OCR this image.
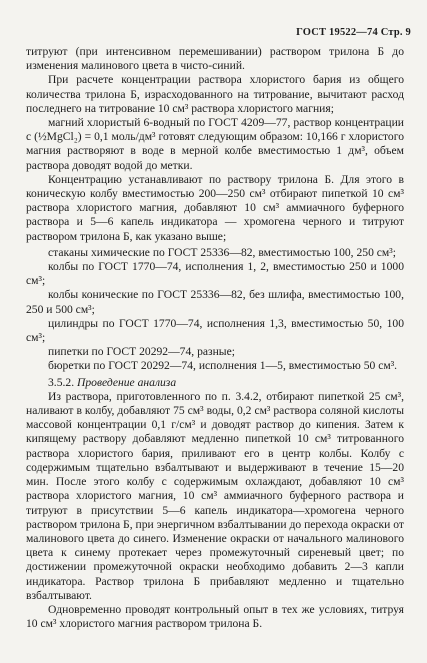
ГОСТ 19522—74 Стр. 9

титруют (при интенсивном перемешивании) раствором трилона Б до изменения малинового цвета в чисто-синий.

При расчете концентрации раствора хлористого бария из общего количества трилона Б, израсходованного на титрование, вычитают расход последнего на титрование 10 см³ раствора хлористого магния;

магний хлористый 6-водный по ГОСТ 4209—77, раствор концентрации c (½MgCl₂) = 0,1 моль/дм³ готовят следующим образом: 10,166 г хлористого магния растворяют в воде в мерной колбе вместимостью 1 дм³, объем раствора доводят водой до метки.

Концентрацию устанавливают по раствору трилона Б. Для этого в коническую колбу вместимостью 200—250 см³ отбирают пипеткой 10 см³ раствора хлористого магния, добавляют 10 см³ аммиачного буферного раствора и 5—6 капель индикатора — хромогена черного и титруют раствором трилона Б, как указано выше;

стаканы химические по ГОСТ 25336—82, вместимостью 100, 250 см³;

колбы по ГОСТ 1770—74, исполнения 1, 2, вместимостью 250 и 1000 см³;

колбы конические по ГОСТ 25336—82, без шлифа, вместимостью 100, 250 и 500 см³;

цилиндры по ГОСТ 1770—74, исполнения 1,3, вместимостью 50, 100 см³;

пипетки по ГОСТ 20292—74, разные;

бюретки по ГОСТ 20292—74, исполнения 1—5, вместимостью 50 см³.

3.5.2. Проведение анализа

Из раствора, приготовленного по п. 3.4.2, отбирают пипеткой 25 см³, наливают в колбу, добавляют 75 см³ воды, 0,2 см³ раствора соляной кислоты массовой концентрации 0,1 г/см³ и доводят раствор до кипения. Затем к кипящему раствору добавляют медленно пипеткой 10 см³ титрованного раствора хлористого бария, приливают его в центр колбы. Колбу с содержимым тщательно взбалтывают и выдерживают в течение 15—20 мин. После этого колбу с содержимым охлаждают, добавляют 10 см³ раствора хлористого магния, 10 см³ аммиачного буферного раствора и титруют в присутствии 5—6 капель индикатора—хромогена черного раствором трилона Б, при энергичном взбалтывании до перехода окраски от малинового цвета до синего. Изменение окраски от начального малинового цвета к синему протекает через промежуточный сиреневый цвет; по достижении промежуточной окраски необходимо добавить 2—3 капли индикатора. Раствор трилона Б прибавляют медленно и тщательно взбалтывают.

Одновременно проводят контрольный опыт в тех же условиях, титруя 10 см³ хлористого магния раствором трилона Б.
